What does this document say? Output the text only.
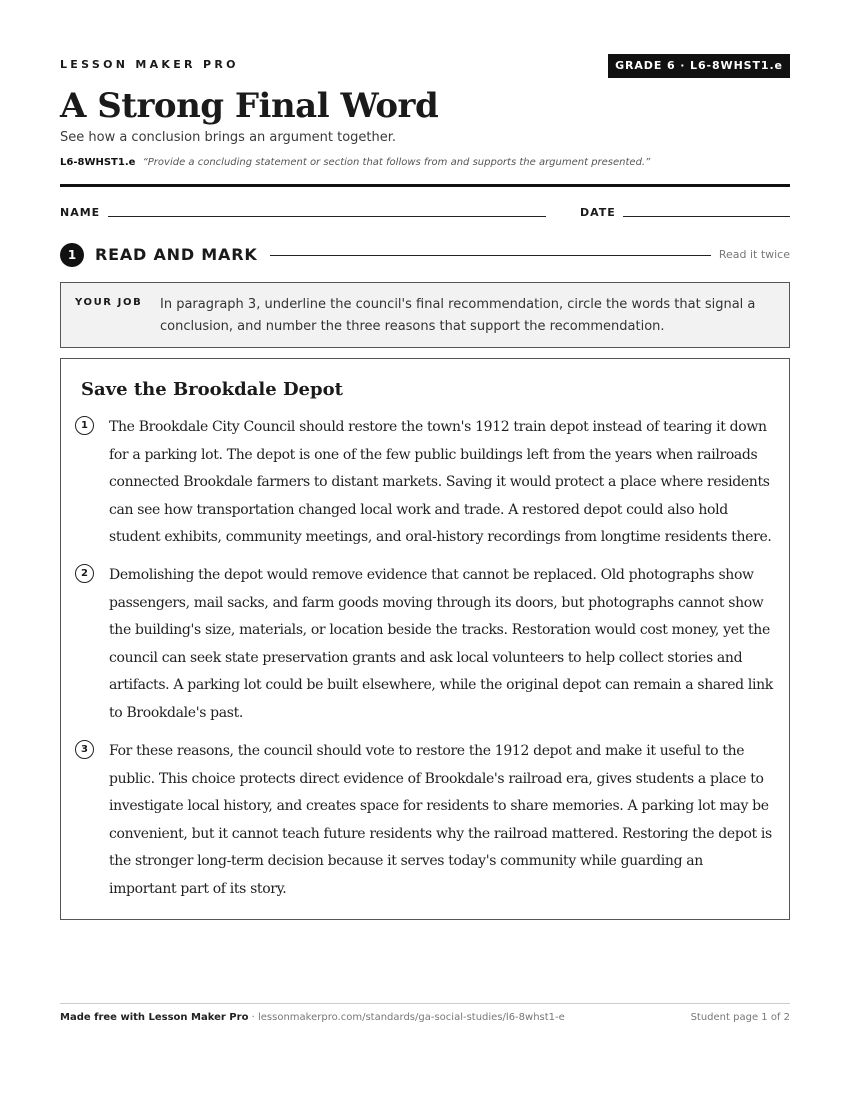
LESSON MAKER PRO	GRADE 6 · L6-8WHST1.e
A Strong Final Word
See how a conclusion brings an argument together.
L6-8WHST1.e “Provide a concluding statement or section that follows from and supports the argument presented.”
NAME	DATE
1	READ AND MARK	Read it twice
YOUR JOB In paragraph 3, underline the council's final recommendation, circle the words that signal a conclusion, and number the three reasons that support the recommendation.
Save the Brookdale Depot
1	The Brookdale City Council should restore the town's 1912 train depot instead of tearing it down for a parking lot. The depot is one of the few public buildings left from the years when railroads connected Brookdale farmers to distant markets. Saving it would protect a place where residents can see how transportation changed local work and trade. A restored depot could also hold student exhibits, community meetings, and oral-history recordings from longtime residents there.

2	Demolishing the depot would remove evidence that cannot be replaced. Old photographs show passengers, mail sacks, and farm goods moving through its doors, but photographs cannot show the building's size, materials, or location beside the tracks. Restoration would cost money, yet the council can seek state preservation grants and ask local volunteers to help collect stories and artifacts. A parking lot could be built elsewhere, while the original depot can remain a shared link to Brookdale's past.

3	For these reasons, the council should vote to restore the 1912 depot and make it useful to the public. This choice protects direct evidence of Brookdale's railroad era, gives students a place to investigate local history, and creates space for residents to share memories. A parking lot may be convenient, but it cannot teach future residents why the railroad mattered. Restoring the depot is the stronger long-term decision because it serves today's community while guarding an important part of its story.

Made free with Lesson Maker Pro · lessonmakerpro.com/standards/ga-social-studies/l6-8whst1-e	Student page 1 of 2
